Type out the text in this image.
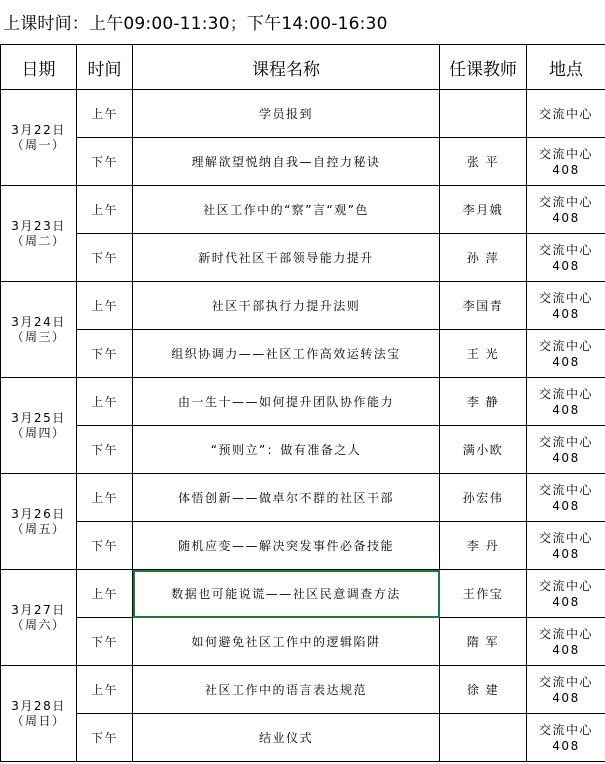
上课时间：上午09:00-11:30；下午14:00-16:30
日期	时间	课程名称	任课教师	地点

3月22日
（周一）	上午	学员报到		交流中心

	下午	理解欲望悦纳自我—自控力秘诀	张 平	交流中心
408

3月23日
（周二）	上午	社区工作中的“察”言“观”色	李月娥	交流中心
408

	下午	新时代社区干部领导能力提升	孙 萍	交流中心
408

3月24日
（周三）	上午	社区干部执行力提升法则	李国青	交流中心
408

	下午	组织协调力——社区工作高效运转法宝	王 光	交流中心
408

3月25日
（周四）	上午	由一生十——如何提升团队协作能力	李 静	交流中心
408

	下午	“预则立”：做有准备之人	满小欧	交流中心
408

3月26日
（周五）	上午	体悟创新——做卓尔不群的社区干部	孙宏伟	交流中心
408

	下午	随机应变——解决突发事件必备技能	李 丹	交流中心
408

3月27日
（周六）	上午	数据也可能说谎——社区民意调查方法	王作宝	交流中心
408

	下午	如何避免社区工作中的逻辑陷阱	隋 军	交流中心
408

3月28日
（周日）	上午	社区工作中的语言表达规范	徐 建	交流中心
408

	下午	结业仪式		交流中心
408
